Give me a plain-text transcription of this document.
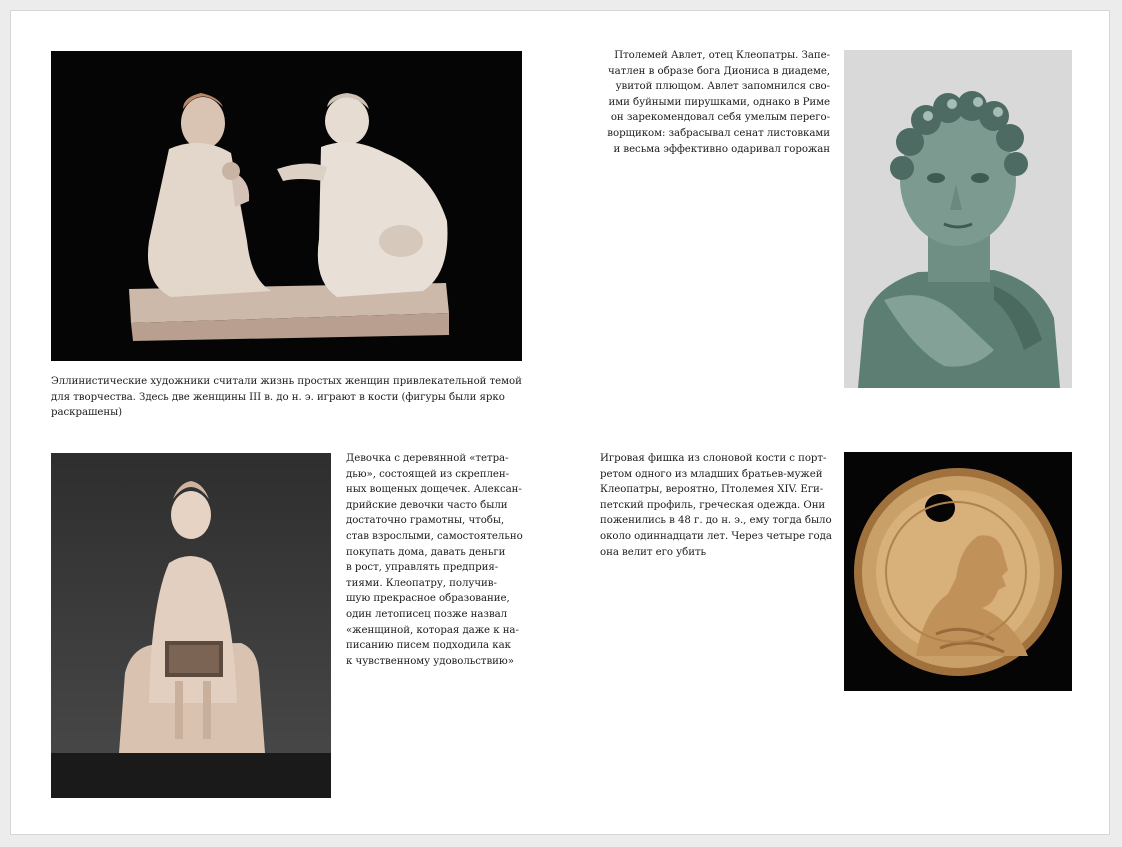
Эллинистические художники считали жизнь простых женщин привлекательной темой
для творчества. Здесь две женщины III в. до н. э. играют в кости (фигуры были ярко
раскрашены)

Птолемей Авлет, отец Клеопатры. Запе-
чатлен в образе бога Диониса в диадеме,
увитой плющом. Авлет запомнился сво-
ими буйными пирушками, однако в Риме
он зарекомендовал себя умелым перего-
ворщиком: забрасывал сенат листовками
и весьма эффективно одаривал горожан

Девочка с деревянной «тетра-
дью», состоящей из скреплен-
ных вощеных дощечек. Алексан-
дрийские девочки часто были
достаточно грамотны, чтобы,
став взрослыми, самостоятельно
покупать дома, давать деньги
в рост, управлять предприя-
тиями. Клеопатру, получив-
шую прекрасное образование,
один летописец позже назвал
«женщиной, которая даже к на-
писанию писем подходила как
к чувственному удовольствию»

Игровая фишка из слоновой кости с порт-
ретом одного из младших братьев-мужей
Клеопатры, вероятно, Птолемея XIV. Еги-
петский профиль, греческая одежда. Они
поженились в 48 г. до н. э., ему тогда было
около одиннадцати лет. Через четыре года
она велит его убить
